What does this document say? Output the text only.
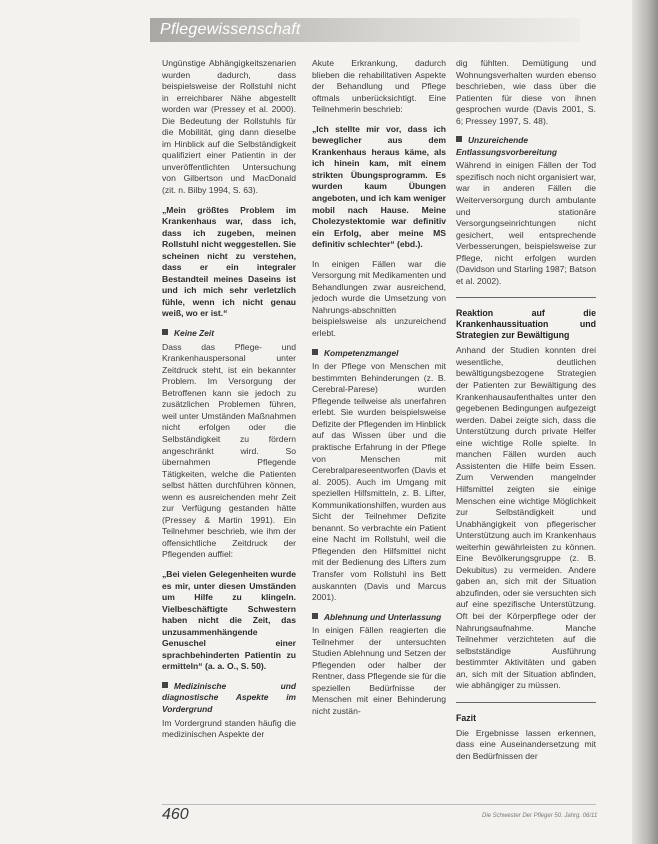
Pflegewissenschaft

Ungünstige Abhängigkeitszenarien wurden dadurch, dass beispielsweise der Rollstuhl nicht in erreichbarer Nähe abgestellt worden war (Pressey et al. 2000). Die Bedeutung der Rollstuhls für die Mobilität, ging dann dieselbe im Hinblick auf die Selbständigkeit qualifiziert einer Patientin in der unveröffentlichten Untersuchung von Gilbertson und MacDonald (zit. n. Bilby 1994, S. 63).

„Mein größtes Problem im Krankenhaus war, dass ich, dass ich zugeben, meinen Rollstuhl nicht weggestellen. Sie scheinen nicht zu verstehen, dass er ein integraler Bestandteil meines Daseins ist und ich mich sehr verletzlich fühle, wenn ich nicht genau weiß, wo er ist.“

Keine Zeit

Dass das Pflege- und Krankenhauspersonal unter Zeitdruck steht, ist ein bekannter Problem. Im Versorgung der Betroffenen kann sie jedoch zu zusätzlichen Problemen führen, weil unter Umständen Maßnahmen nicht erfolgen oder die Selbständigkeit zu fördern angeschränkt wird. So übernahmen Pflegende Tätigkeiten, welche die Patienten selbst hätten durchführen können, wenn es ausreichenden mehr Zeit zur Verfügung gestanden hätte (Pressey & Martin 1991). Ein Teilnehmer beschrieb, wie ihm der offensichtliche Zeitdruck der Pflegenden auffiel:

„Bei vielen Gelegenheiten wurde es mir, unter diesen Umständen um Hilfe zu klingeln. Vielbeschäftigte Schwestern haben nicht die Zeit, das unzusammenhängende Genuschel einer sprachbehinderten Patientin zu ermitteln“ (a. a. O., S. 50).

Medizinische und diagnostische Aspekte im Vordergrund

Im Vordergrund standen häufig die medizinischen Aspekte der

Akute Erkrankung, dadurch blieben die rehabilitativen Aspekte der Behandlung und Pflege oftmals unberücksichtigt. Eine Teilnehmerin beschrieb:

„Ich stellte mir vor, dass ich beweglicher aus dem Krankenhaus heraus käme, als ich hinein kam, mit einem strikten Übungsprogramm. Es wurden kaum Übungen angeboten, und ich kam weniger mobil nach Hause. Meine Cholezystektomie war definitiv ein Erfolg, aber meine MS definitiv schlechter“ (ebd.).

In einigen Fällen war die Versorgung mit Medikamenten und Behandlungen zwar ausreichend, jedoch wurde die Umsetzung von Nahrungs-abschnitten beispielsweise als unzureichend erlebt.

Kompetenzmangel

In der Pflege von Menschen mit bestimmten Behinderungen (z. B. Cerebral-Parese) wurden Pflegende teilweise als unerfahren erlebt. Sie wurden beispielsweise Defizite der Pflegenden im Hinblick auf das Wissen über und die praktische Erfahrung in der Pflege von Menschen mit Cerebralpareseentworfen (Davis et al. 2005). Auch im Umgang mit speziellen Hilfsmitteln, z. B. Lifter, Kommunikationshilfen, wurden aus Sicht der Teilnehmer Defizite benannt. So verbrachte ein Patient eine Nacht im Rollstuhl, weil die Pflegenden den Hilfsmittel nicht mit der Bedienung des Lifters zum Transfer vom Rollstuhl ins Bett auskannten (Davis und Marcus 2001).

Ablehnung und Unterlassung

In einigen Fällen reagierten die Teilnehmer der untersuchten Studien Ablehnung und Setzen der Pflegenden oder halber der Rentner, dass Pflegende sie für die speziellen Bedürfnisse der Menschen mit einer Behinderung nicht zustän-

dig fühlten. Demütigung und Wohnungsverhalten wurden ebenso beschrieben, wie dass über die Patienten für diese von ihnen gesprochen wurde (Davis 2001, S. 6; Pressey 1997, S. 48).

Unzureichende Entlassungsvorbereitung

Während in einigen Fällen der Tod spezifisch noch nicht organisiert war, war in anderen Fällen die Weiterversorgung durch ambulante und stationäre Versorgungseinrichtungen nicht gesichert, weil entsprechende Verbesserungen, beispielsweise zur Pflege, nicht erfolgen wurden (Davidson und Starling 1987; Batson et al. 2002).

Reaktion auf die Krankenhaussituation und Strategien zur Bewältigung

Anhand der Studien konnten drei wesentliche, deutlichen bewältigungsbezogene Strategien der Patienten zur Bewältigung des Krankenhausaufenthaltes unter den gegebenen Bedingungen aufgezeigt werden. Dabei zeigte sich, dass die Unterstützung durch private Helfer eine wichtige Rolle spielte. In manchen Fällen wurden auch Assistenten die Hilfe beim Essen. Zum Verwenden mangelnder Hilfsmittel zeigten sie einige Menschen eine wichtige Möglichkeit zur Selbständigkeit und Unabhängigkeit von pflegerischer Unterstützung auch im Krankenhaus weiterhin gewährleisten zu können. Eine Bevölkerungsgruppe (z. B. Dekubitus) zu vermeiden. Andere gaben an, sich mit der Situation abzufinden, oder sie versuchten sich auf eine spezifische Unterstützung. Oft bei der Körperpflege oder der Nahrungsaufnahme. Manche Teilnehmer verzichteten auf die selbstständige Ausführung bestimmter Aktivitäten und gaben an, sich mit der Situation abfinden, wie abhängiger zu müssen.

Fazit

Die Ergebnisse lassen erkennen, dass eine Auseinandersetzung mit den Bedürfnissen der

460	Die Schwester Der Pfleger 50. Jahrg. 06/11
